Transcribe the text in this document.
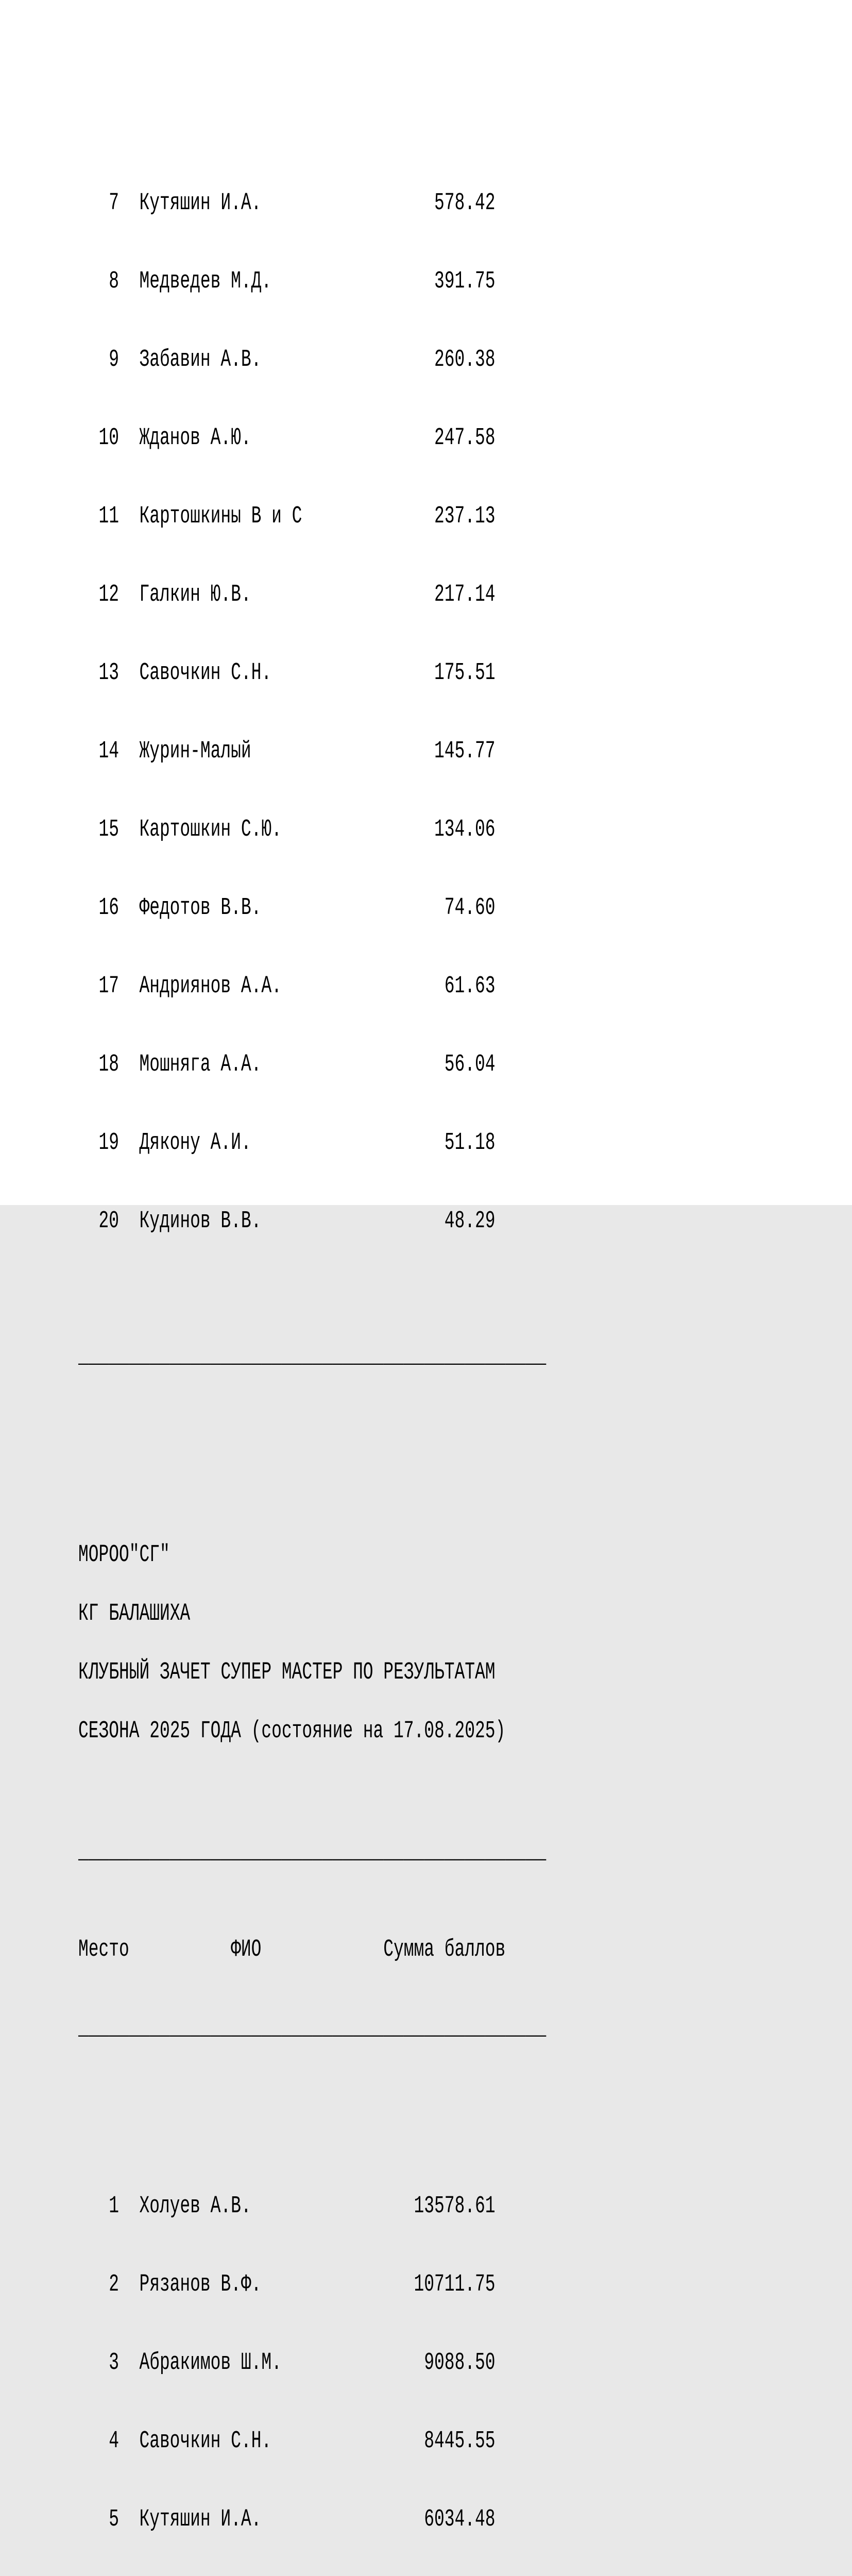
7 Кутяшин И.А.	578.42

8 Медведев М.Д.	391.75

9 Забавин А.В.	260.38

10 Жданов А.Ю.	247.58

11 Картошкины В и С	237.13

12 Галкин Ю.В.	217.14

13 Савочкин С.Н.	175.51

14 Журин-Малый	145.77

15 Картошкин С.Ю.	134.06

16 Федотов В.В.	74.60

17 Андриянов А.А.	61.63

18 Мошняга А.А.	56.04

19 Дякону А.И.	51.18

20 Кудинов В.В.	48.29

______________________________________________

МОРОО"СГ"

КГ БАЛАШИХА

КЛУБНЫЙ ЗАЧЕТ СУПЕР МАСТЕР ПО РЕЗУЛЬТАТАМ

СЕЗОНА 2025 ГОДА (состояние на 17.08.2025)

______________________________________________

Место	ФИО	Сумма баллов

______________________________________________

1 Холуев А.В.	13578.61

2 Рязанов В.Ф.	10711.75

3 Абракимов Ш.М.	9088.50

4 Савочкин С.Н.	8445.55

5 Кутяшин И.А.	6034.48
